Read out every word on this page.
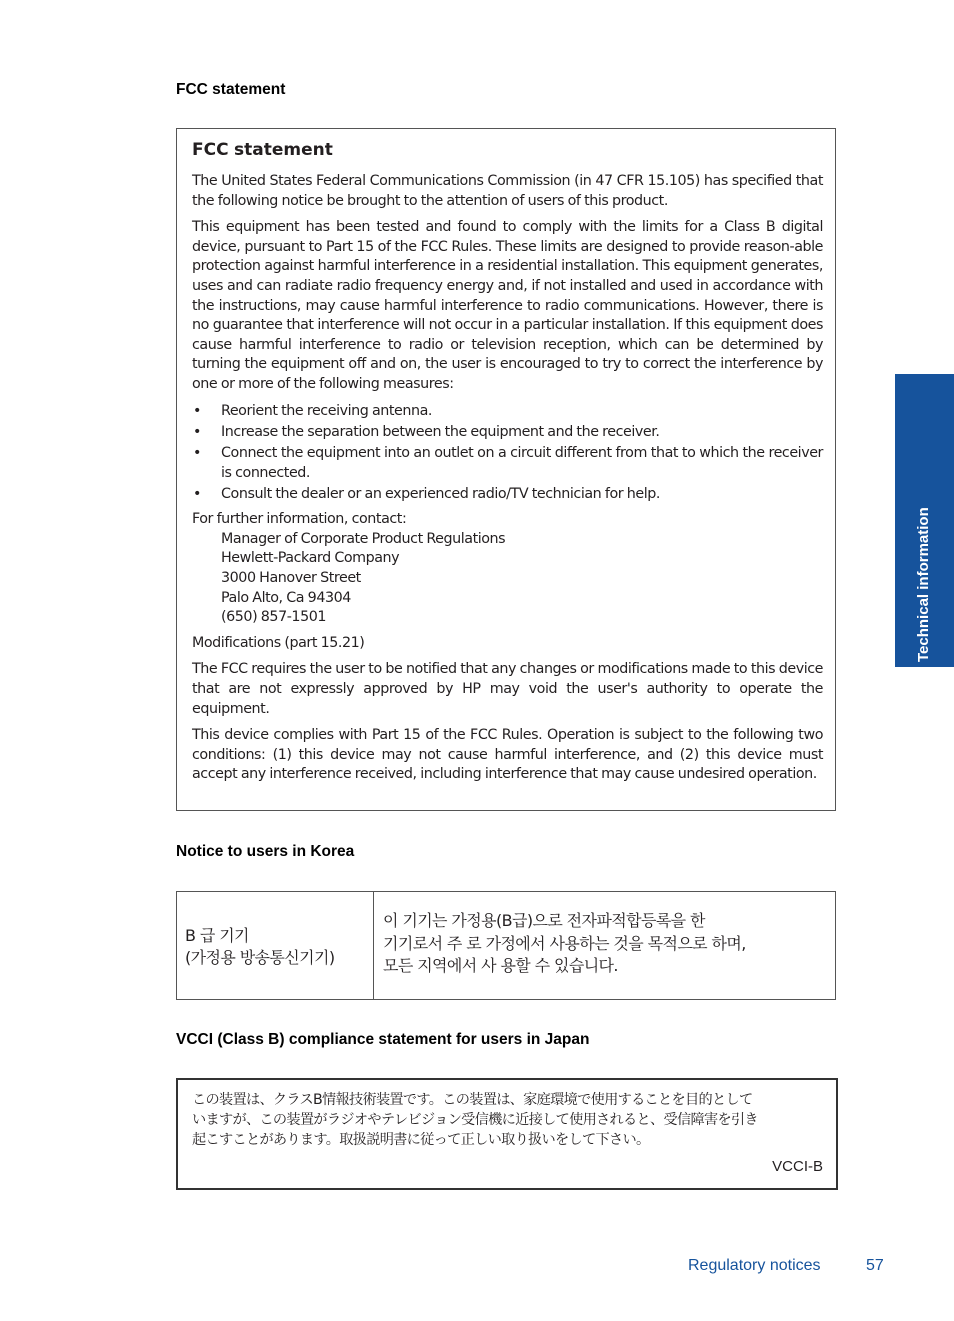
FCC statement
FCC statement

The United States Federal Communications Commission (in 47 CFR 15.105) has specified that the following notice be brought to the attention of users of this product.

This equipment has been tested and found to comply with the limits for a Class B digital device, pursuant to Part 15 of the FCC Rules. These limits are designed to provide reason-able protection against harmful interference in a residential installation. This equipment generates, uses and can radiate radio frequency energy and, if not installed and used in accordance with the instructions, may cause harmful interference to radio communications. However, there is no guarantee that interference will not occur in a particular installation. If this equipment does cause harmful interference to radio or television reception, which can be determined by turning the equipment off and on, the user is encouraged to try to correct the interference by one or more of the following measures:

• Reorient the receiving antenna.
• Increase the separation between the equipment and the receiver.
• Connect the equipment into an outlet on a circuit different from that to which the receiver is connected.
• Consult the dealer or an experienced radio/TV technician for help.
For further information, contact:
Manager of Corporate Product Regulations
Hewlett-Packard Company
3000 Hanover Street
Palo Alto, Ca 94304
(650) 857-1501

Modifications (part 15.21)

The FCC requires the user to be notified that any changes or modifications made to this device that are not expressly approved by HP may void the user's authority to operate the equipment.

This device complies with Part 15 of the FCC Rules. Operation is subject to the following two conditions: (1) this device may not cause harmful interference, and (2) this device must accept any interference received, including interference that may cause undesired operation.

Notice to users in Korea
B 급 기기
(가정용 방송통신기기)
이 기기는 가정용(B급)으로 전자파적합등록을 한
기기로서 주 로 가정에서 사용하는 것을 목적으로 하며,
모든 지역에서 사 용할 수 있습니다.
VCCI (Class B) compliance statement for users in Japan
この装置は、クラスB情報技術装置です。この装置は、家庭環境で使用することを目的として
いますが、この装置がラジオやテレビジョン受信機に近接して使用されると、受信障害を引き
起こすことがあります。取扱説明書に従って正しい取り扱いをして下さい。
VCCI-B
Technical information
Regulatory notices	57
